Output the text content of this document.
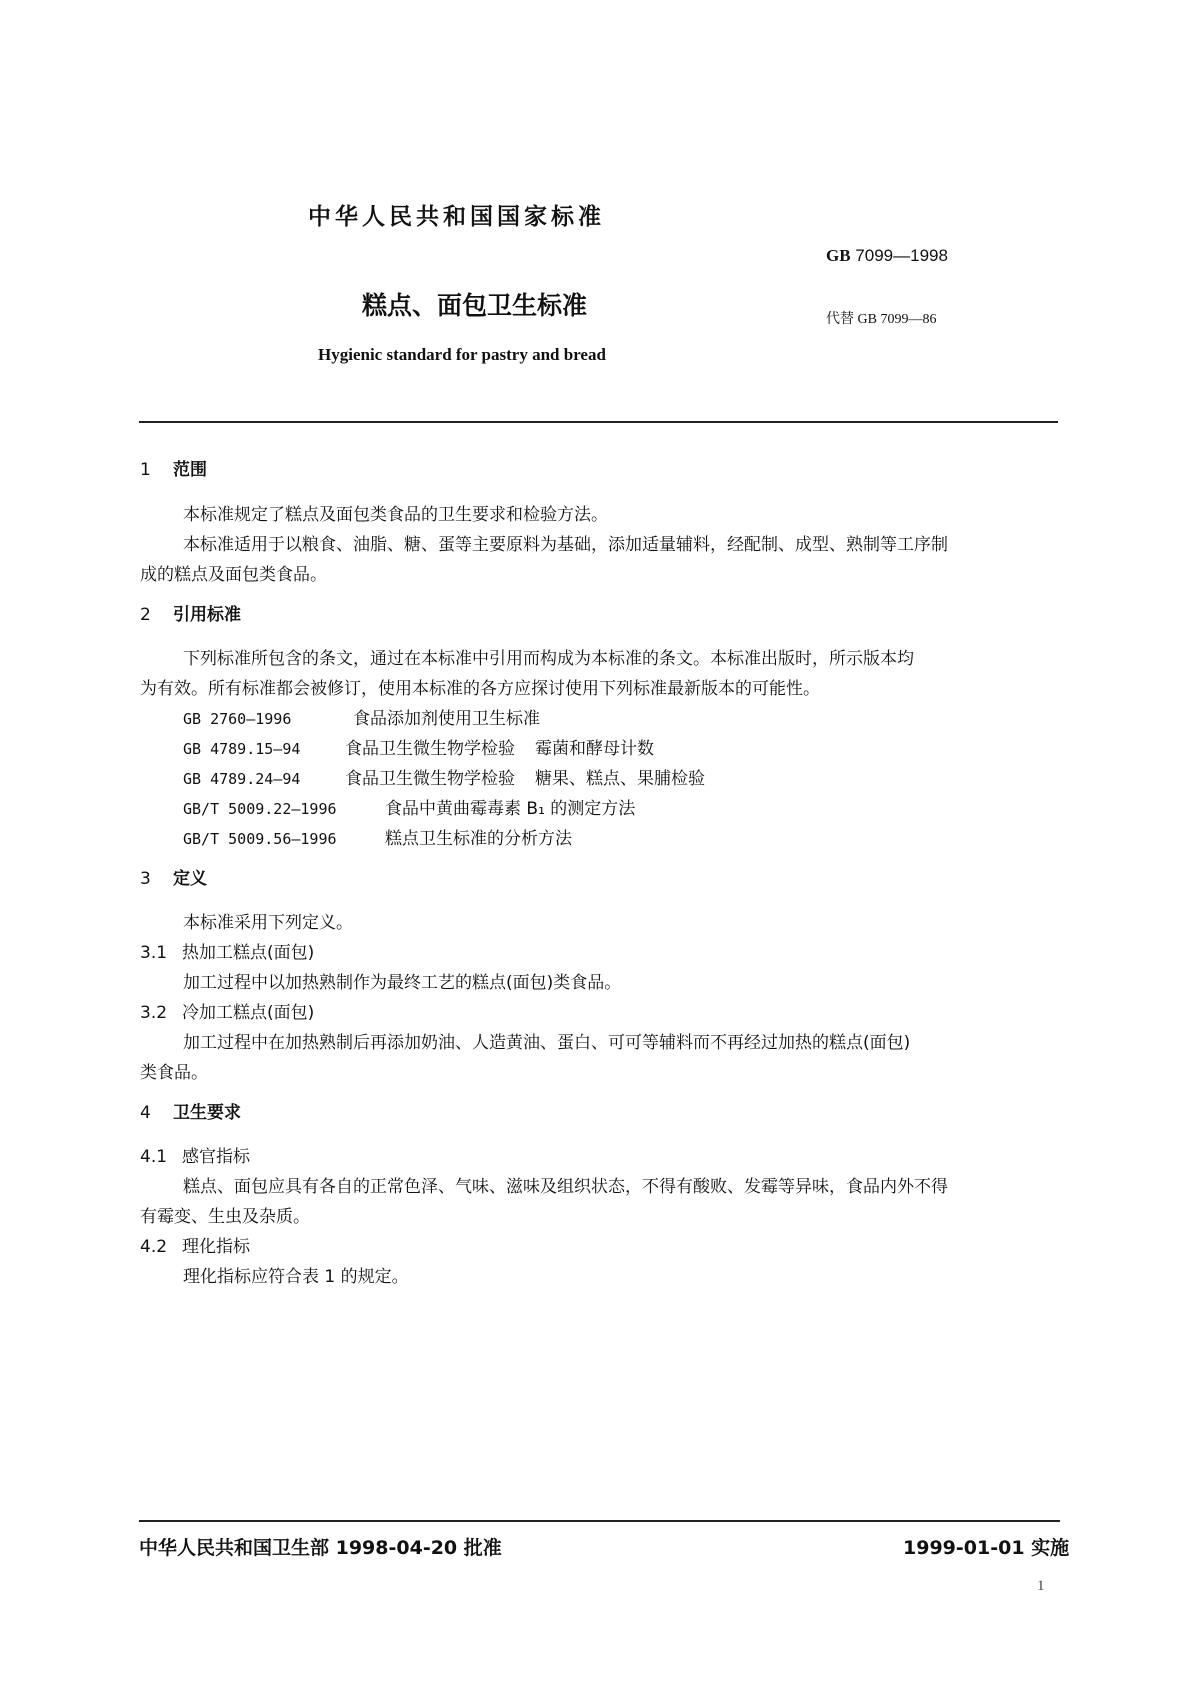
中华人民共和国国家标准
GB 7099—1998
糕点、面包卫生标准	代替 GB 7099—86
Hygienic standard for pastry and bread
1 范围
本标准规定了糕点及面包类食品的卫生要求和检验方法。
本标准适用于以粮食、油脂、糖、蛋等主要原料为基础，添加适量辅料，经配制、成型、熟制等工序制
成的糕点及面包类食品。
2 引用标准
下列标准所包含的条文，通过在本标准中引用而构成为本标准的条文。本标准出版时，所示版本均
为有效。所有标准都会被修订，使用本标准的各方应探讨使用下列标准最新版本的可能性。
GB 2760—1996	食品添加剂使用卫生标准
GB 4789.15—94	食品卫生微生物学检验 霉菌和酵母计数
GB 4789.24—94	食品卫生微生物学检验 糖果、糕点、果脯检验
GB/T 5009.22—1996	食品中黄曲霉毒素 B₁ 的测定方法
GB/T 5009.56—1996	糕点卫生标准的分析方法
3 定义
本标准采用下列定义。
3.1 热加工糕点(面包)
加工过程中以加热熟制作为最终工艺的糕点(面包)类食品。
3.2 冷加工糕点(面包)
加工过程中在加热熟制后再添加奶油、人造黄油、蛋白、可可等辅料而不再经过加热的糕点(面包)
类食品。
4 卫生要求
4.1 感官指标
糕点、面包应具有各自的正常色泽、气味、滋味及组织状态，不得有酸败、发霉等异味，食品内外不得
有霉变、生虫及杂质。
4.2 理化指标
理化指标应符合表 1 的规定。
中华人民共和国卫生部 1998-04-20 批准	1999-01-01 实施
1
